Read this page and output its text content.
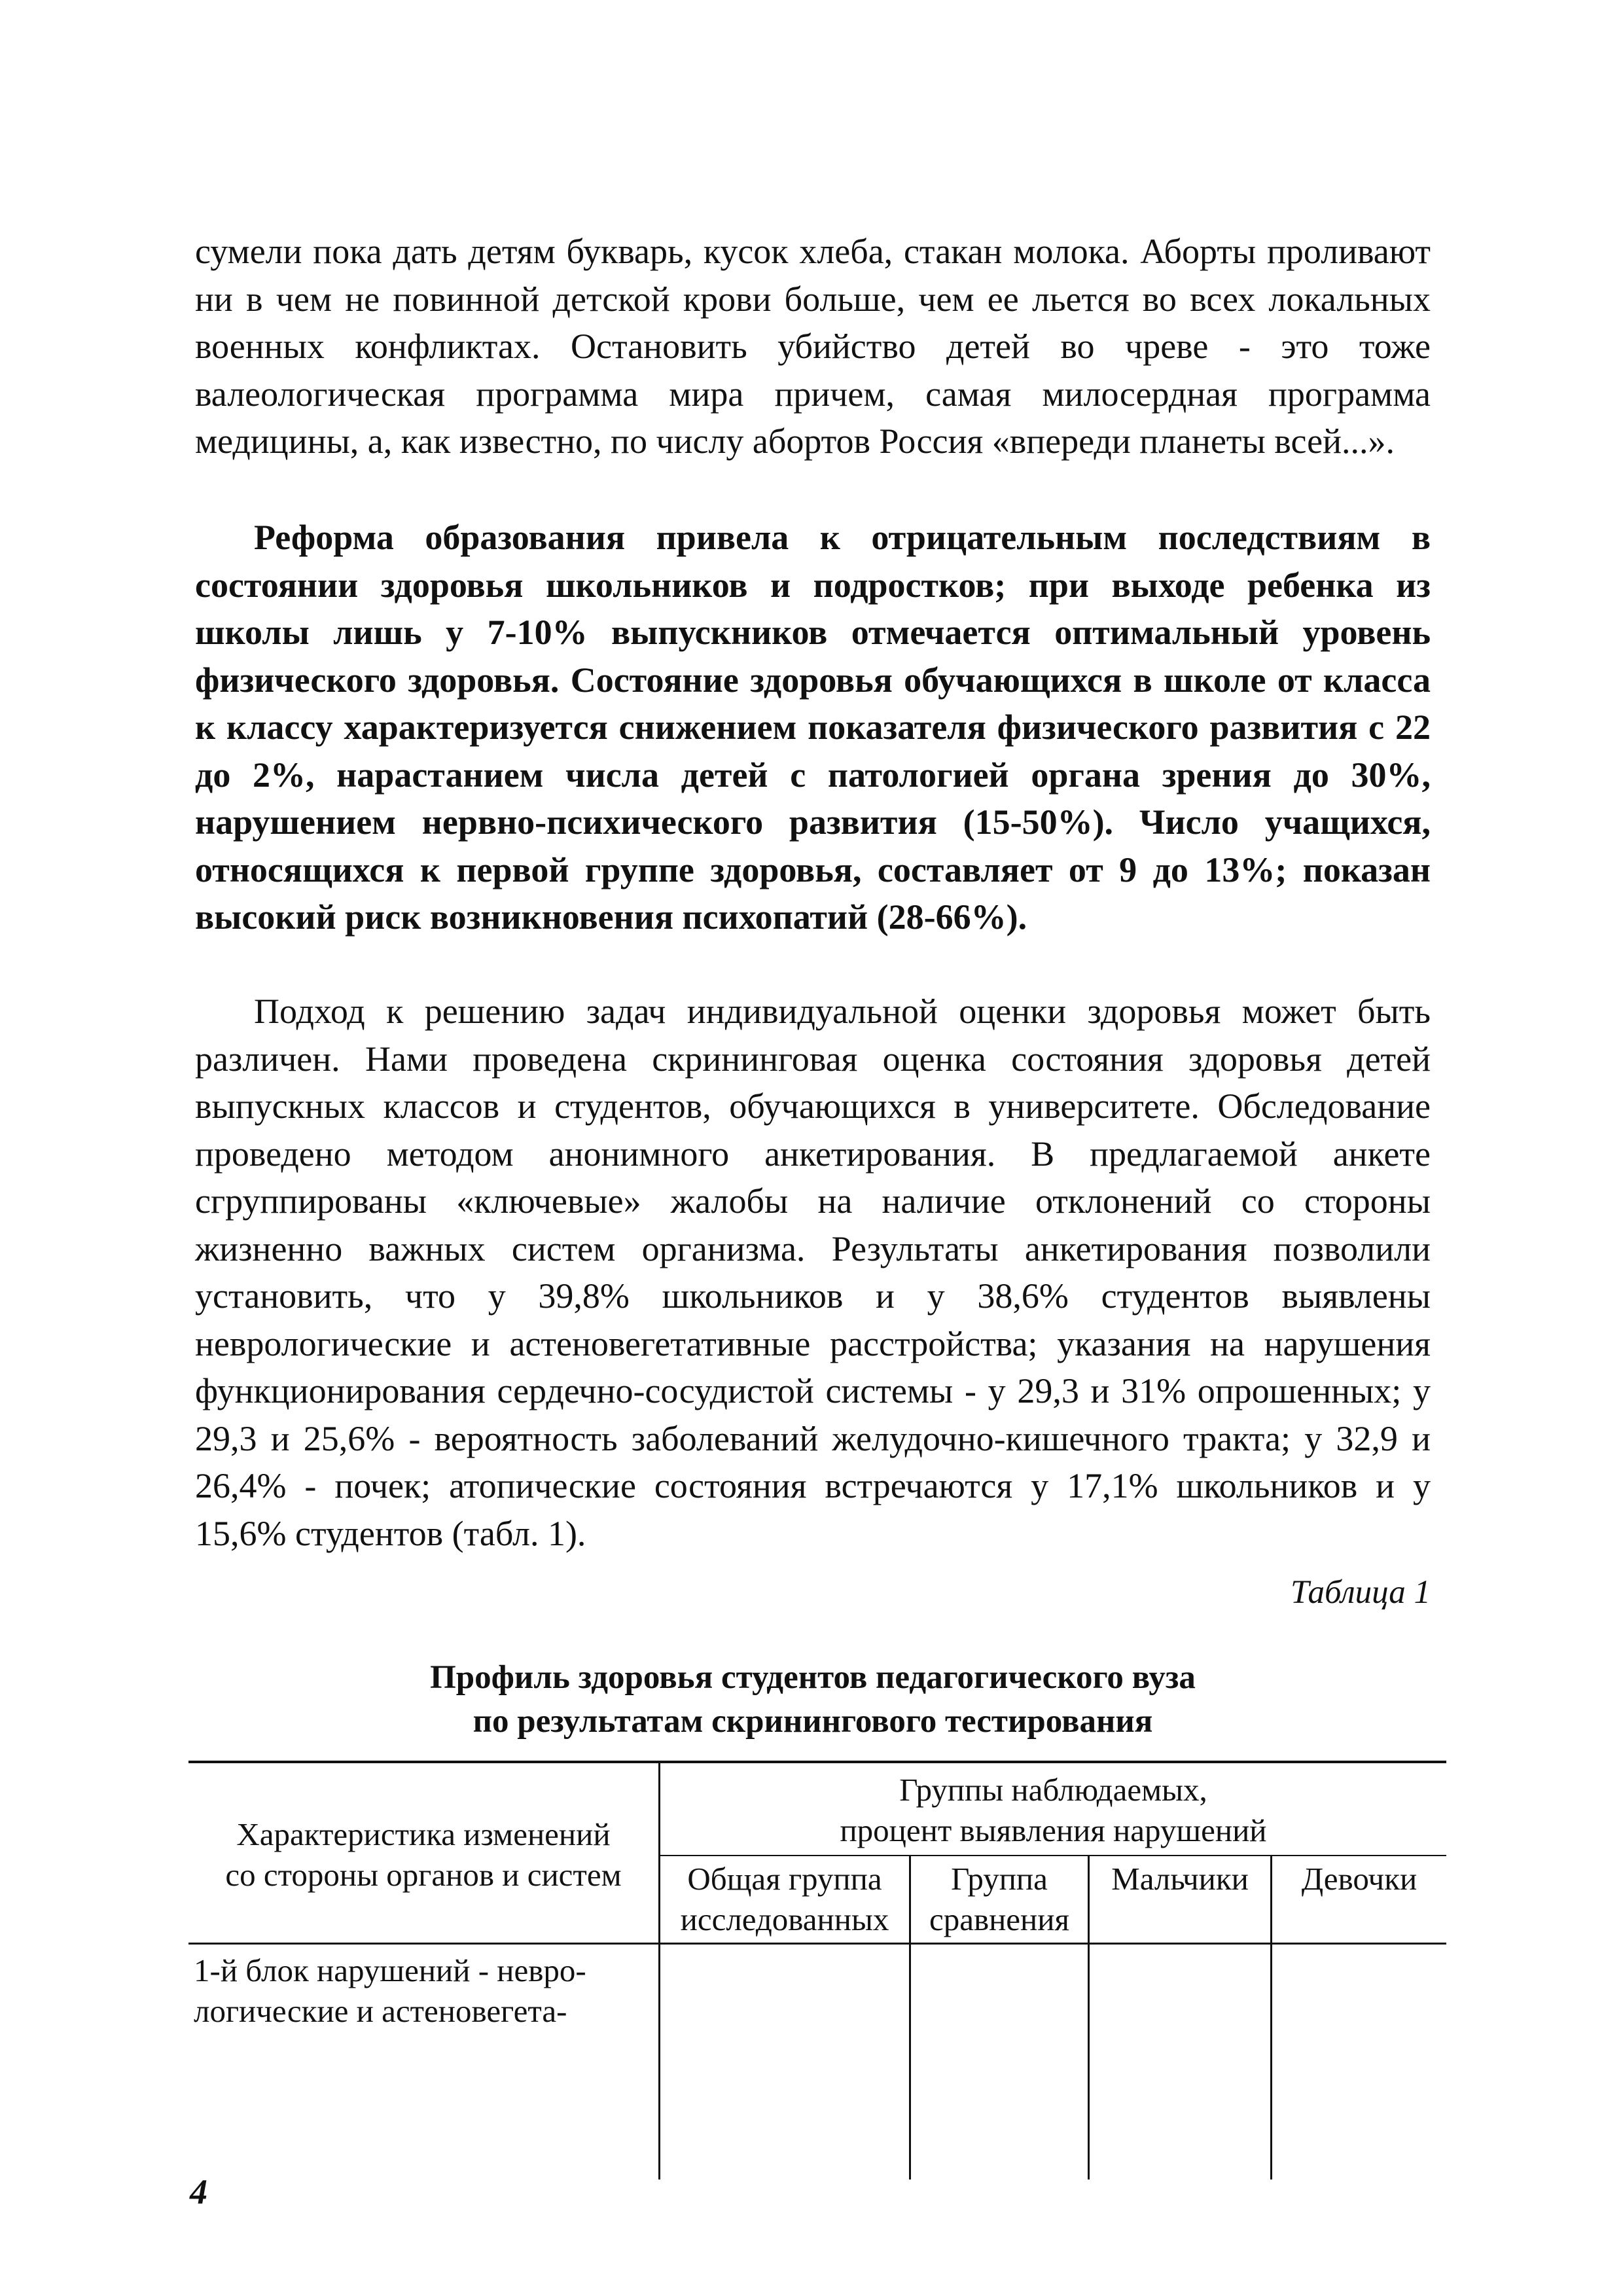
сумели пока дать детям букварь, кусок хлеба, стакан молока. Аборты проливают ни в чем не повинной детской крови больше, чем ее льется во всех локальных военных конфликтах. Остановить убийство детей во чреве - это тоже валеологическая программа мира причем, самая милосердная программа медицины, а, как известно, по числу абортов Россия «впереди планеты всей...».

Реформа образования привела к отрицательным последствиям в состоянии здоровья школьников и подростков; при выходе ребенка из школы лишь у 7-10% выпускников отмечается оптимальный уровень физического здоровья. Состояние здоровья обучающихся в школе от класса к классу характеризуется снижением показателя физического развития с 22 до 2%, нарастанием числа детей с патологией органа зрения до 30%, нарушением нервно-психического развития (15-50%). Число учащихся, относящихся к первой группе здоровья, составляет от 9 до 13%; показан высокий риск возникновения психопатий (28-66%).

Подход к решению задач индивидуальной оценки здоровья может быть различен. Нами проведена скрининговая оценка состояния здоровья детей выпускных классов и студентов, обучающихся в университете. Обследование проведено методом анонимного анкетирования. В предлагаемой анкете сгруппированы «ключевые» жалобы на наличие отклонений со стороны жизненно важных систем организма. Результаты анкетирования позволили установить, что у 39,8% школьников и у 38,6% студентов выявлены неврологические и астеновегетативные расстройства; указания на нарушения функционирования сердечно-сосудистой системы - у 29,3 и 31% опрошенных; у 29,3 и 25,6% - вероятность заболеваний желудочно-кишечного тракта; у 32,9 и 26,4% - почек; атопические состояния встречаются у 17,1% школьников и у 15,6% студентов (табл. 1).

Таблица 1
Профиль здоровья студентов педагогического вуза
по результатам скринингового тестирования
Характеристика изменений
со стороны органов и систем
Группы наблюдаемых,
процент выявления нарушений
Общая группа
исследованных
Группа
сравнения
Мальчики	Девочки
1-й блок нарушений - невро-
логические и астеновегета-
4
